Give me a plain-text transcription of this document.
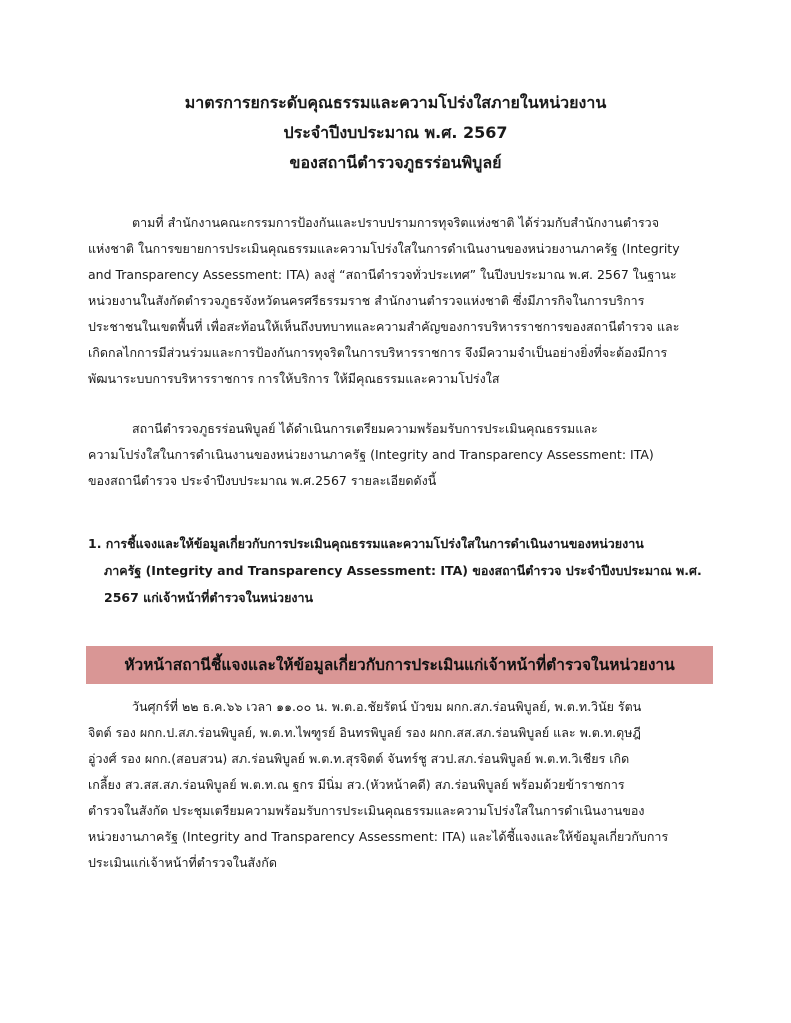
มาตรการยกระดับคุณธรรมและความโปร่งใสภายในหน่วยงาน
ประจำปีงบประมาณ พ.ศ. 2567
ของสถานีตำรวจภูธรร่อนพิบูลย์
ตามที่ สำนักงานคณะกรรมการป้องกันและปราบปรามการทุจริตแห่งชาติ ได้ร่วมกับสำนักงานตำรวจ
แห่งชาติ ในการขยายการประเมินคุณธรรมและความโปร่งใสในการดำเนินงานของหน่วยงานภาครัฐ (Integrity
and Transparency Assessment: ITA) ลงสู่ “สถานีตำรวจทั่วประเทศ” ในปีงบประมาณ พ.ศ. 2567 ในฐานะ
หน่วยงานในสังกัดตำรวจภูธรจังหวัดนครศรีธรรมราช สำนักงานตำรวจแห่งชาติ ซึ่งมีภารกิจในการบริการ
ประชาชนในเขตพื้นที่ เพื่อสะท้อนให้เห็นถึงบทบาทและความสำคัญของการบริหารราชการของสถานีตำรวจ และ
เกิดกลไกการมีส่วนร่วมและการป้องกันการทุจริตในการบริหารราชการ จึงมีความจำเป็นอย่างยิ่งที่จะต้องมีการ
พัฒนาระบบการบริหารราชการ การให้บริการ ให้มีคุณธรรมและความโปร่งใส
สถานีตำรวจภูธรร่อนพิบูลย์ ได้ดำเนินการเตรียมความพร้อมรับการประเมินคุณธรรมและ
ความโปร่งใสในการดำเนินงานของหน่วยงานภาครัฐ (Integrity and Transparency Assessment: ITA)
ของสถานีตำรวจ ประจำปีงบประมาณ พ.ศ.2567 รายละเอียดดังนี้
1. การชี้แจงและให้ข้อมูลเกี่ยวกับการประเมินคุณธรรมและความโปร่งใสในการดำเนินงานของหน่วยงาน
ภาครัฐ (Integrity and Transparency Assessment: ITA) ของสถานีตำรวจ ประจำปีงบประมาณ พ.ศ.
2567 แก่เจ้าหน้าที่ตำรวจในหน่วยงาน
หัวหน้าสถานีชี้แจงและให้ข้อมูลเกี่ยวกับการประเมินแก่เจ้าหน้าที่ตำรวจในหน่วยงาน
วันศุกร์ที่ ๒๒ ธ.ค.๖๖ เวลา ๑๑.๐๐ น. พ.ต.อ.ชัยรัตน์ บัวขม ผกก.สภ.ร่อนพิบูลย์, พ.ต.ท.วินัย รัตน
จิตต์ รอง ผกก.ป.สภ.ร่อนพิบูลย์, พ.ต.ท.ไพฑูรย์ อินทรพิบูลย์ รอง ผกก.สส.สภ.ร่อนพิบูลย์ และ พ.ต.ท.ดุษฎี
อู่วงศ์ รอง ผกก.(สอบสวน) สภ.ร่อนพิบูลย์ พ.ต.ท.สุรจิตต์ จันทร์ชู สวป.สภ.ร่อนพิบูลย์ พ.ต.ท.วิเชียร เกิด
เกลี้ยง สว.สส.สภ.ร่อนพิบูลย์ พ.ต.ท.ณ ฐกร มีนิ่ม สว.(หัวหน้าคดี) สภ.ร่อนพิบูลย์ พร้อมด้วยข้าราชการ
ตำรวจในสังกัด ประชุมเตรียมความพร้อมรับการประเมินคุณธรรมและความโปร่งใสในการดำเนินงานของ
หน่วยงานภาครัฐ (Integrity and Transparency Assessment: ITA) และได้ชี้แจงและให้ข้อมูลเกี่ยวกับการ
ประเมินแก่เจ้าหน้าที่ตำรวจในสังกัด
